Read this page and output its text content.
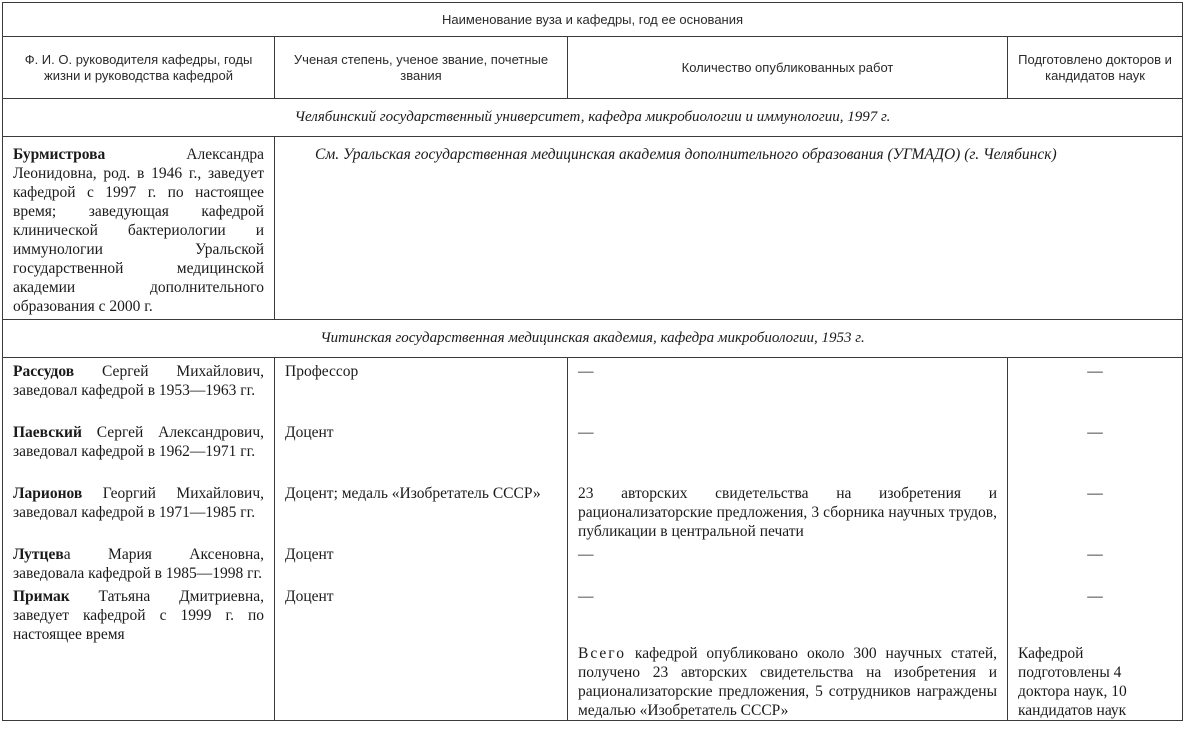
Наименование вуза и кафедры, год ее основания			
Ф. И. О. руководителя кафедры, годы жизни и руководства кафедрой	Ученая степень, ученое звание, почетные звания	Количество опубликованных работ	Подготовлено докторов и кандидатов наук
Челябинский государственный университет, кафедра микробиологии и иммунологии, 1997 г.			
Бурмистрова Александра Леонидовна, род. в 1946 г., заведует кафедрой с 1997 г. по настоящее время; заведующая кафедрой клинической бактериологии и иммунологии Уральской государственной медицинской академии дополнительного образования с 2000 г.	См. Уральская государственная медицинская академия дополнительного образования (УГМАДО) (г. Челябинск)		
Читинская государственная медицинская академия, кафедра микробиологии, 1953 г.			
Рассудов Сергей Михайлович, заведовал кафедрой в 1953—1963 гг.	Профессор	—	—
Паевский Сергей Александрович, заведовал кафедрой в 1962—1971 гг.	Доцент	—	—
Ларионов Георгий Михайлович, заведовал кафедрой в 1971—1985 гг.	Доцент; медаль «Изобретатель СССР»	23 авторских свидетельства на изобретения и рационализаторские предложения, 3 сборника научных трудов, публикации в центральной печати	—
Лутцева Мария Аксеновна, заведовала кафедрой в 1985—1998 гг.	Доцент	—	—
Примак Татьяна Дмитриевна, заведует кафедрой с 1999 г. по настоящее время	Доцент	—	—
		Всего кафедрой опубликовано около 300 научных статей, получено 23 авторских свидетельства на изобретения и рационализаторские предложения, 5 сотрудников награждены медалью «Изобретатель СССР»	Кафедрой подготовлены 4 доктора наук, 10 кандидатов наук
